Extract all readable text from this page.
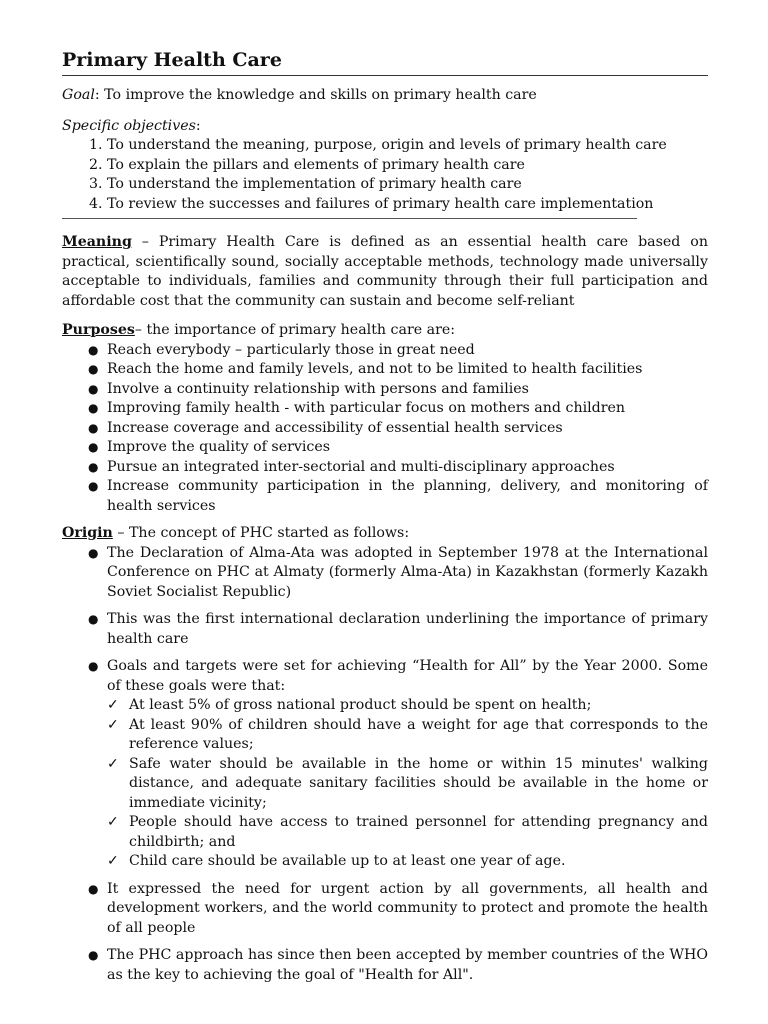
Primary Health Care

Goal: To improve the knowledge and skills on primary health care

Specific objectives:
1. To understand the meaning, purpose, origin and levels of primary health care
2. To explain the pillars and elements of primary health care
3. To understand the implementation of primary health care
4. To review the successes and failures of primary health care implementation

Meaning – Primary Health Care is defined as an essential health care based on practical, scientifically sound, socially acceptable methods, technology made universally acceptable to individuals, families and community through their full participation and affordable cost that the community can sustain and become self-reliant

Purposes– the importance of primary health care are:
● Reach everybody – particularly those in great need
● Reach the home and family levels, and not to be limited to health facilities
● Involve a continuity relationship with persons and families
● Improving family health - with particular focus on mothers and children
● Increase coverage and accessibility of essential health services
● Improve the quality of services
● Pursue an integrated inter-sectorial and multi-disciplinary approaches
● Increase community participation in the planning, delivery, and monitoring of health services
Origin – The concept of PHC started as follows:
● The Declaration of Alma-Ata was adopted in September 1978 at the International Conference on PHC at Almaty (formerly Alma-Ata) in Kazakhstan (formerly Kazakh Soviet Socialist Republic)
● This was the first international declaration underlining the importance of primary health care
● Goals and targets were set for achieving “Health for All” by the Year 2000. Some of these goals were that:
✓ At least 5% of gross national product should be spent on health;
✓ At least 90% of children should have a weight for age that corresponds to the reference values;
✓ Safe water should be available in the home or within 15 minutes' walking distance, and adequate sanitary facilities should be available in the home or immediate vicinity;
✓ People should have access to trained personnel for attending pregnancy and childbirth; and
✓ Child care should be available up to at least one year of age.
● It expressed the need for urgent action by all governments, all health and development workers, and the world community to protect and promote the health of all people
● The PHC approach has since then been accepted by member countries of the WHO as the key to achieving the goal of "Health for All".
